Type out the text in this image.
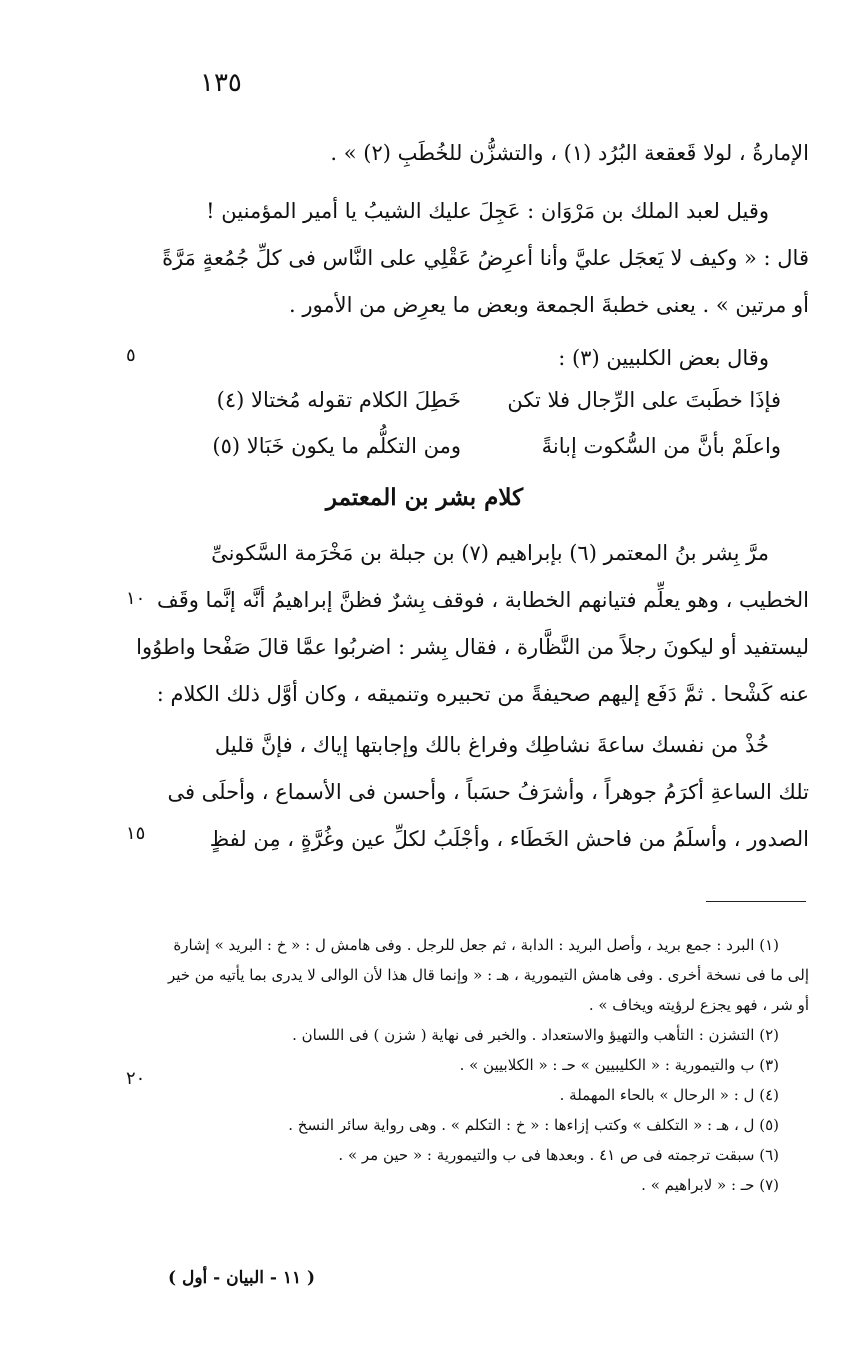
١٣٥
الإمارةُ ، لولا قَعقعة البُرُد (١) ، والتشزُّن للخُطَبِ (٢) » .
وقيل لعبد الملك بن مَرْوَان : عَجِلَ عليك الشيبُ يا أمير المؤمنين !
قال : « وكيف لا يَعجَل عليَّ وأنا أعرِضُ عَقْلِي على النَّاس فى كلِّ جُمُعةٍ مَرَّةً
أو مرتين » . يعنى خطبةَ الجمعة وبعض ما يعرِض من الأمور .
وقال بعض الكلبيين (٣) :
فإذَا خطَبتَ على الرِّجال فلا تكن
خَطِلَ الكلام تقوله مُختالا (٤)
واعلَمْ بأنَّ من السُّكوت إبانةً
ومن التكلُّم ما يكون خَبَالا (٥)
كلام بشر بن المعتمر
مرَّ بِشر بنُ المعتمر (٦) بإبراهيم (٧) بن جبلة بن مَخْرَمة السَّكونىِّ
الخطيب ، وهو يعلِّم فتيانهم الخطابة ، فوقف بِشرٌ فظنَّ إبراهيمُ أنَّه إنَّما وقَف
ليستفيد أو ليكونَ رجلاً من النَّظَّارة ، فقال بِشر : اضربُوا عمَّا قالَ صَفْحا واطوُوا
عنه كَشْحا . ثمَّ دَفَع إليهم صحيفةً من تحبيره وتنميقه ، وكان أوَّل ذلك الكلام :
خُذْ من نفسك ساعةَ نشاطِك وفراغ بالك وإجابتها إياك ، فإنَّ قليل
تلك الساعةِ أكرَمُ جوهراً ، وأشرَفُ حسَباً ، وأحسن فى الأسماع ، وأحلَى فى
الصدور ، وأسلَمُ من فاحش الخَطَاء ، وأجْلَبُ لكلِّ عين وغُرَّةٍ ، مِن لفظٍ
٥
١٠
١٥
٢٠
(١) البرد : جمع بريد ، وأصل البريد : الدابة ، ثم جعل للرجل . وفى هامش ل : « خ : البريد » إشارة
إلى ما فى نسخة أخرى . وفى هامش التيمورية ، هـ : « وإنما قال هذا لأن الوالى لا يدرى بما يأتيه من خير
أو شر ، فهو يجزع لرؤيته ويخاف » .
(٢) التشزن : التأهب والتهيؤ والاستعداد . والخبر فى نهاية ( شزن ) فى اللسان .
(٣) ب والتيمورية : « الكليبيين » حـ : « الكلابيين » .
(٤) ل : « الرحال » بالحاء المهملة .
(٥) ل ، هـ : « التكلف » وكتب إزاءها : « خ : التكلم » . وهى رواية سائر النسخ .
(٦) سبقت ترجمته فى ص ٤١ . وبعدها فى ب والتيمورية : « حين مر » .
(٧) حـ : « لابراهيم » .
( ١١ - البيان - أول )
